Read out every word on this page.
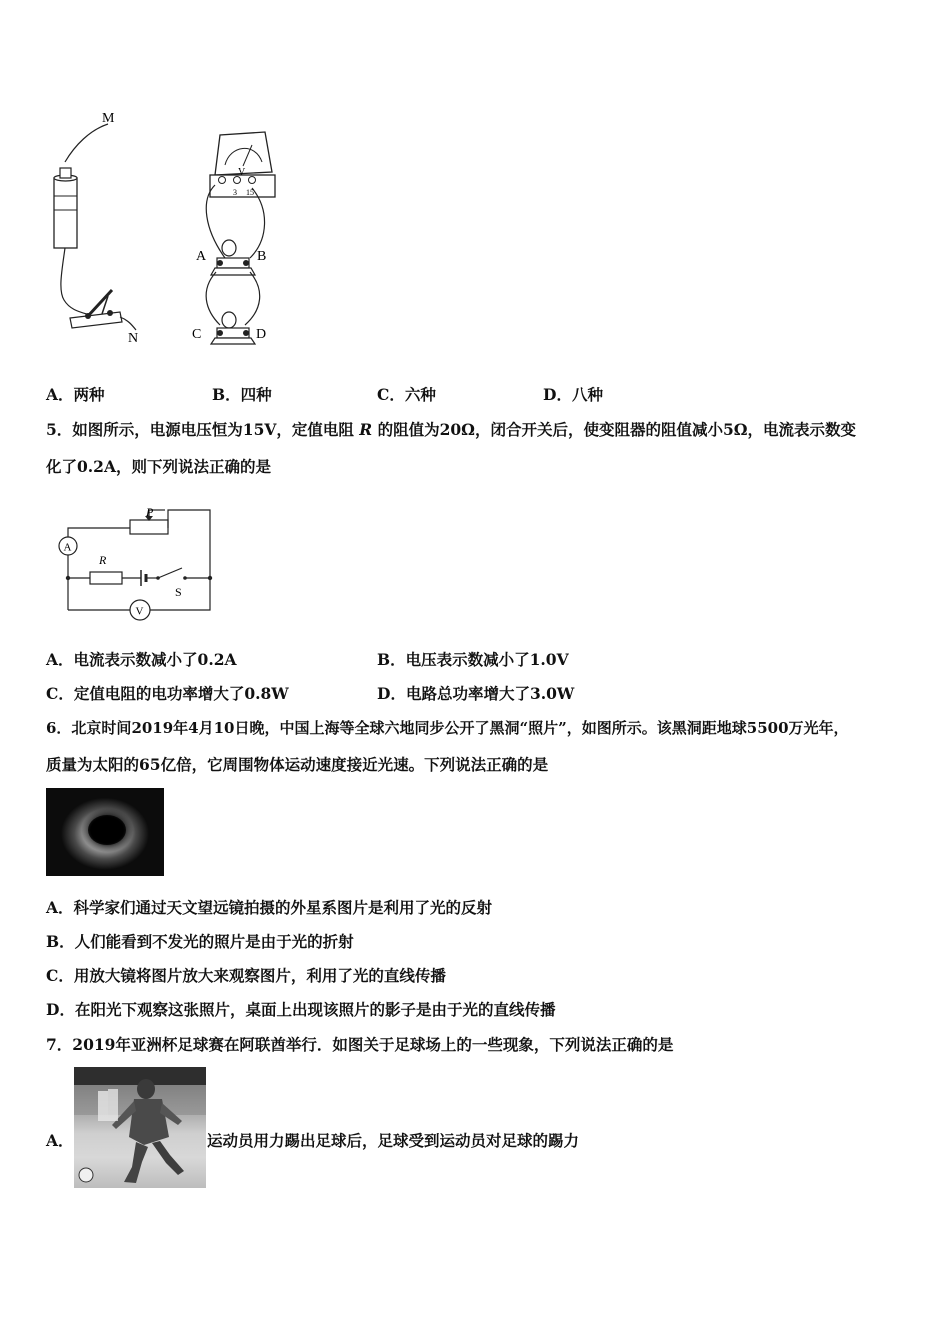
M
N
V
3 15
A	B
C	D
A．两种	B．四种	C．六种	D．八种
5．如图所示，电源电压恒为15V，定值电阻 R 的阻值为20Ω，闭合开关后，使变阻器的阻值减小5Ω，电流表示数变
化了0.2A，则下列说法正确的是
P
R
S
A
V
A．电流表示数减小了0.2A	B．电压表示数减小了1.0V
C．定值电阻的电功率增大了0.8W	D．电路总功率增大了3.0W
6．北京时间2019年4月10日晚，中国上海等全球六地同步公开了黑洞“照片”，如图所示。该黑洞距地球5500万光年，
质量为太阳的65亿倍，它周围物体运动速度接近光速。下列说法正确的是
A．科学家们通过天文望远镜拍摄的外星系图片是利用了光的反射
B．人们能看到不发光的照片是由于光的折射
C．用放大镜将图片放大来观察图片，利用了光的直线传播
D．在阳光下观察这张照片，桌面上出现该照片的影子是由于光的直线传播
7．2019年亚洲杯足球赛在阿联酋举行．如图关于足球场上的一些现象，下列说法正确的是
A．	运动员用力踢出足球后，足球受到运动员对足球的踢力
